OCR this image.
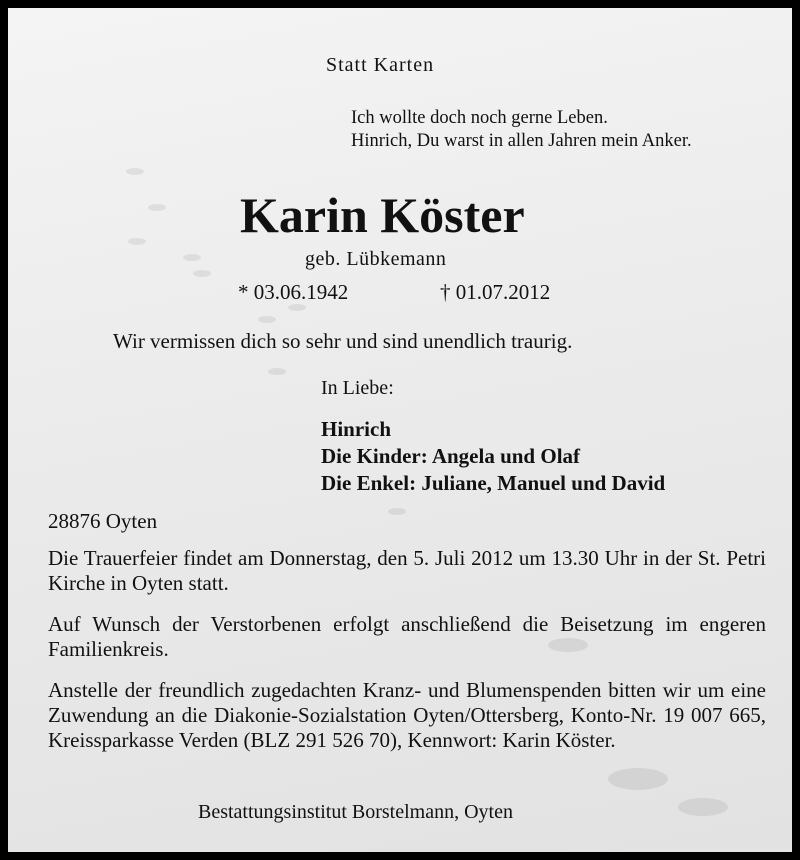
Statt Karten

Ich wollte doch noch gerne Leben.
Hinrich, Du warst in allen Jahren mein Anker.
Karin Köster

geb. Lübkemann

* 03.06.1942	† 01.07.2012

Wir vermissen dich so sehr und sind unendlich traurig.

In Liebe:

Hinrich
Die Kinder: Angela und Olaf
Die Enkel: Juliane, Manuel und David

28876 Oyten

Die Trauerfeier findet am Donnerstag, den 5. Juli 2012 um 13.30 Uhr in der St. Petri Kirche in Oyten statt.

Auf Wunsch der Verstorbenen erfolgt anschließend die Beisetzung im engeren Familienkreis.

Anstelle der freundlich zugedachten Kranz- und Blumenspenden bitten wir um eine Zuwendung an die Diakonie-Sozialstation Oyten/Ottersberg, Konto-Nr. 19 007 665, Kreissparkasse Verden (BLZ 291 526 70), Kennwort: Karin Köster.

Bestattungsinstitut Borstelmann, Oyten
